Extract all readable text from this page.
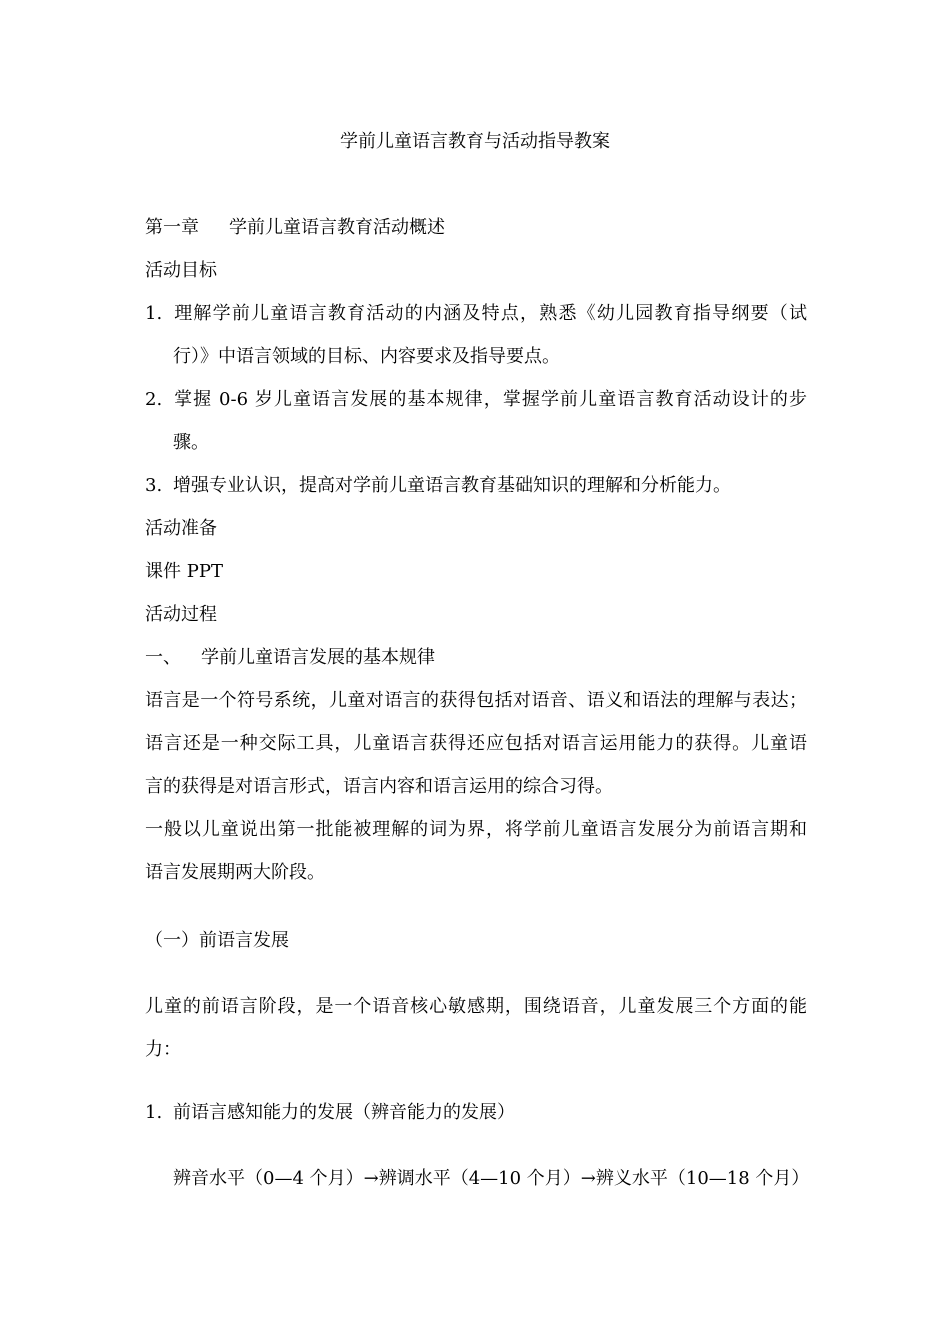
学前儿童语言教育与活动指导教案
第一章 学前儿童语言教育活动概述
活动目标
1. 理解学前儿童语言教育活动的内涵及特点，熟悉《幼儿园教育指导纲要（试
行）》中语言领域的目标、内容要求及指导要点。
2. 掌握 0-6 岁儿童语言发展的基本规律，掌握学前儿童语言教育活动设计的步
骤。
3. 增强专业认识，提高对学前儿童语言教育基础知识的理解和分析能力。
活动准备
课件 PPT
活动过程
一、 学前儿童语言发展的基本规律
语言是一个符号系统，儿童对语言的获得包括对语音、语义和语法的理解与表达；
语言还是一种交际工具，儿童语言获得还应包括对语言运用能力的获得。儿童语
言的获得是对语言形式，语言内容和语言运用的综合习得。
一般以儿童说出第一批能被理解的词为界，将学前儿童语言发展分为前语言期和
语言发展期两大阶段。
（一）前语言发展
儿童的前语言阶段，是一个语音核心敏感期，围绕语音，儿童发展三个方面的能
力：
1. 前语言感知能力的发展（辨音能力的发展）
辨音水平（0—4 个月）→辨调水平（4—10 个月）→辨义水平（10—18 个月）
